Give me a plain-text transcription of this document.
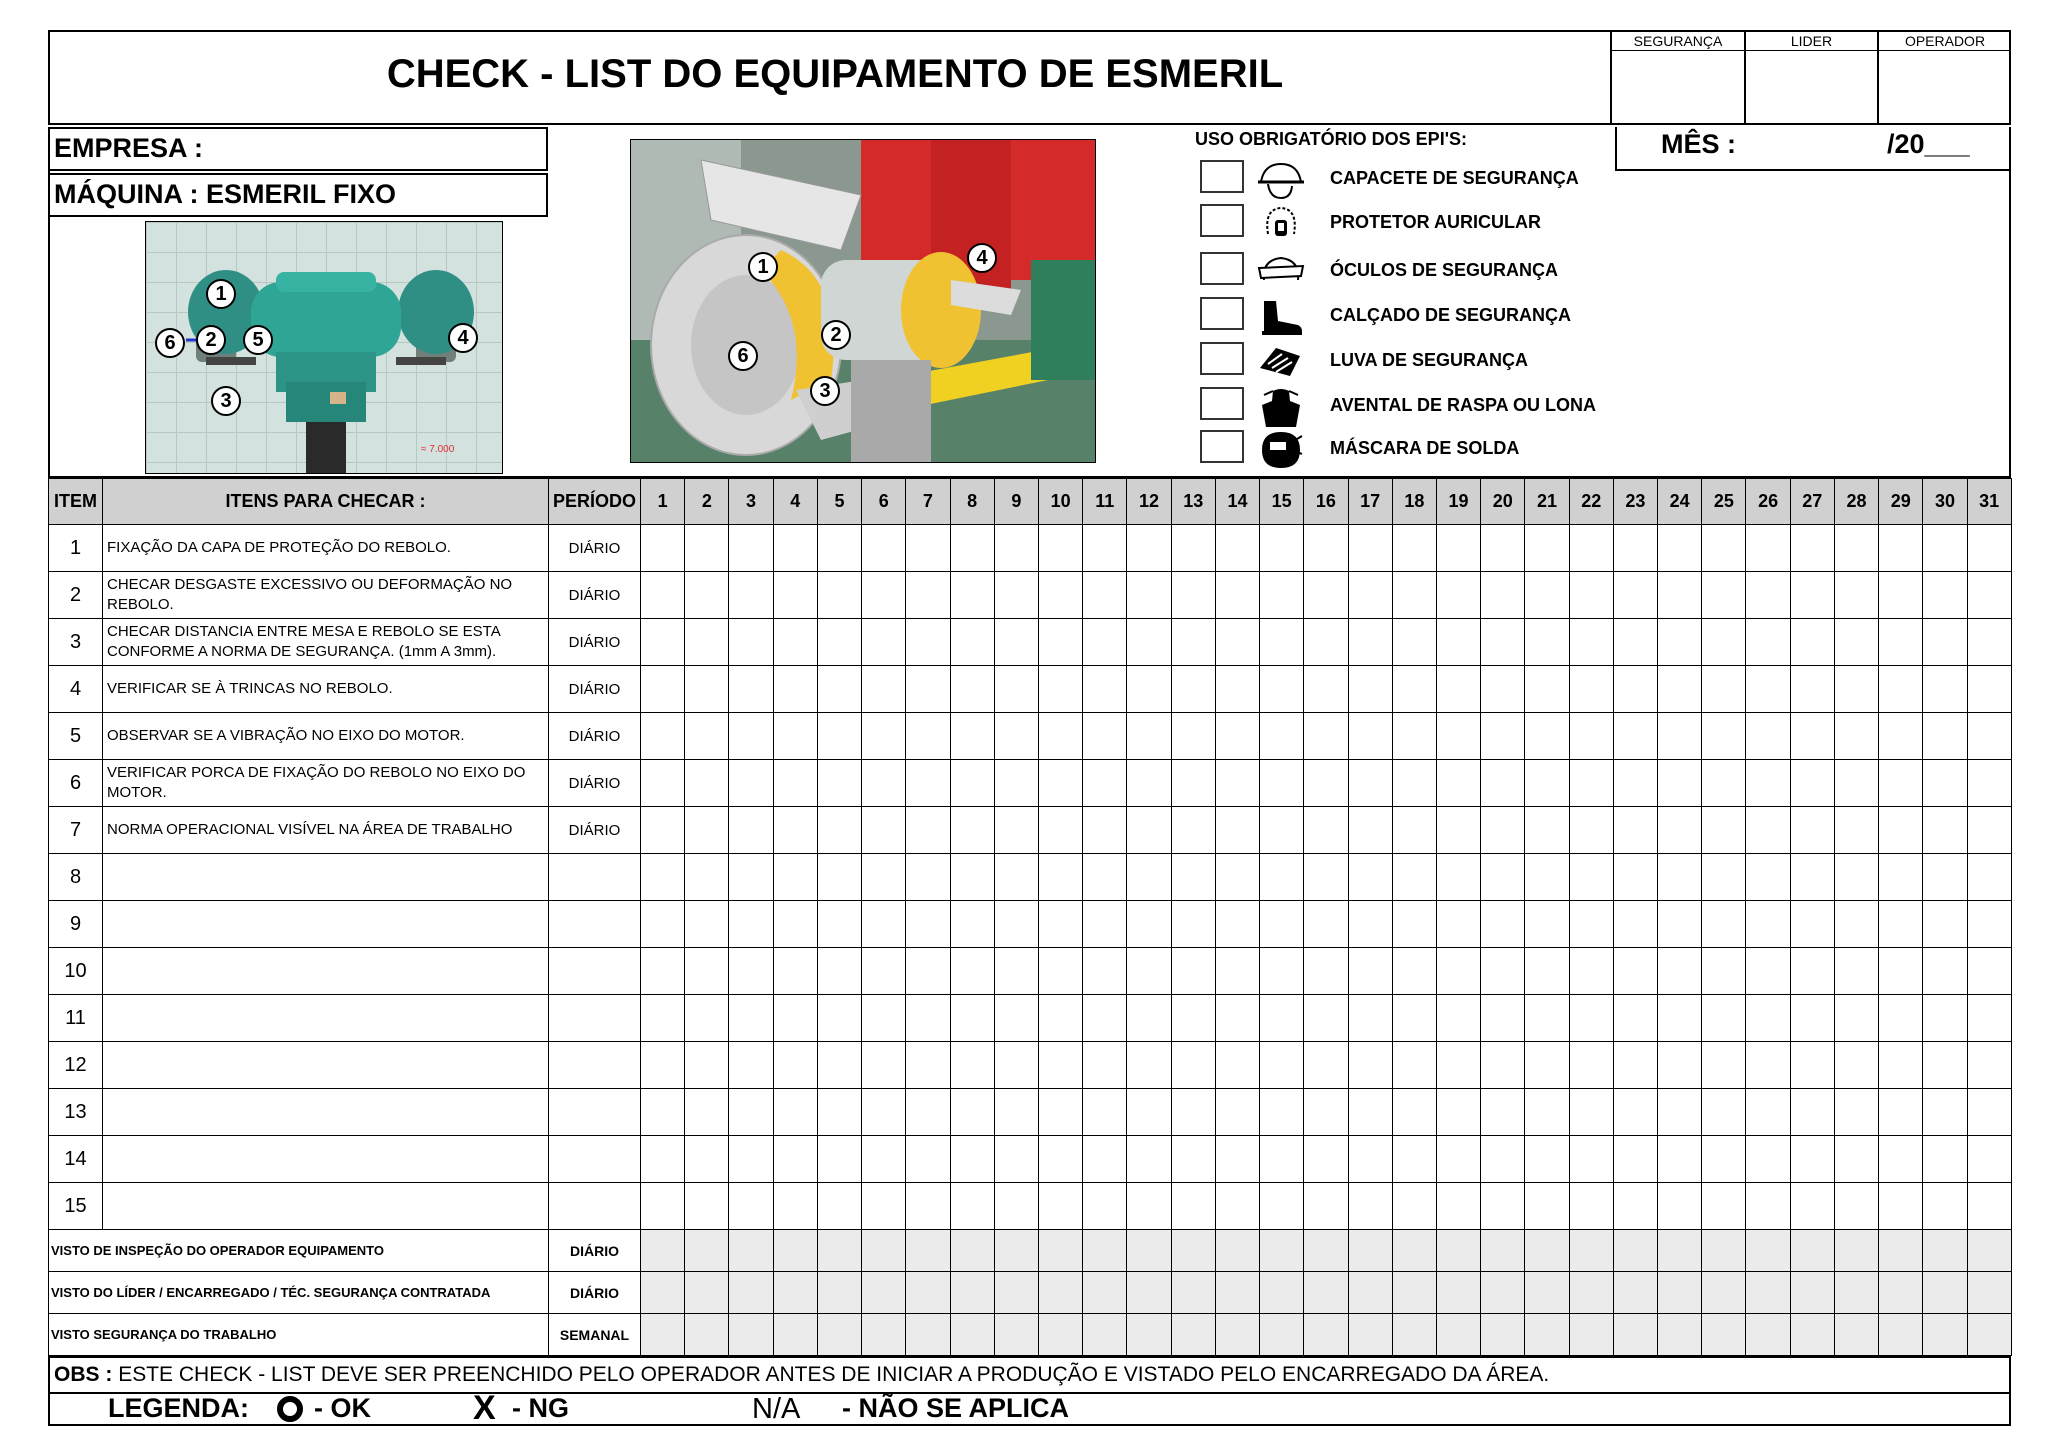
CHECK - LIST DO EQUIPAMENTO DE ESMERIL
SEGURANÇA	LIDER	OPERADOR
EMPRESA :
MÁQUINA : ESMERIL FIXO
≈ 7.000
1
2
3
4
5
6
1
2
3
4
6
USO OBRIGATÓRIO DOS EPI'S:
CAPACETE DE SEGURANÇA
PROTETOR AURICULAR
ÓCULOS DE SEGURANÇA
CALÇADO DE SEGURANÇA
LUVA DE SEGURANÇA
AVENTAL DE RASPA OU LONA
MÁSCARA DE SOLDA
MÊS :	/20___
ITEM	ITENS PARA CHECAR :	PERÍODO	1	2	3	4	5	6	7	8	9	10	11	12	13	14	15	16	17	18	19	20	21	22	23	24	25	26	27	28	29	30	31
1	FIXAÇÃO DA CAPA DE PROTEÇÃO DO REBOLO.	DIÁRIO																															
2	CHECAR DESGASTE EXCESSIVO OU DEFORMAÇÃO NO REBOLO.	DIÁRIO																															
3	CHECAR DISTANCIA ENTRE MESA E REBOLO SE ESTA CONFORME A NORMA DE SEGURANÇA. (1mm A 3mm).	DIÁRIO																															
4	VERIFICAR SE À TRINCAS NO REBOLO.	DIÁRIO																															
5	OBSERVAR SE A VIBRAÇÃO NO EIXO DO MOTOR.	DIÁRIO																															
6	VERIFICAR PORCA DE FIXAÇÃO DO REBOLO NO EIXO DO MOTOR.	DIÁRIO																															
7	NORMA OPERACIONAL VISÍVEL NA ÁREA DE TRABALHO	DIÁRIO																															
8																																	
9																																	
10																																	
11																																	
12																																	
13																																	
14																																	
15																																	
VISTO DE INSPEÇÃO DO OPERADOR EQUIPAMENTO		DIÁRIO																															
VISTO DO LÍDER / ENCARREGADO / TÉC. SEGURANÇA CONTRATADA		DIÁRIO																															
VISTO SEGURANÇA DO TRABALHO		SEMANAL																															
OBS : ESTE CHECK - LIST DEVE SER PREENCHIDO PELO OPERADOR ANTES DE INICIAR A PRODUÇÃO E VISTADO PELO ENCARREGADO DA ÁREA.
LEGENDA: - OK	X - NG	N/A - NÃO SE APLICA
